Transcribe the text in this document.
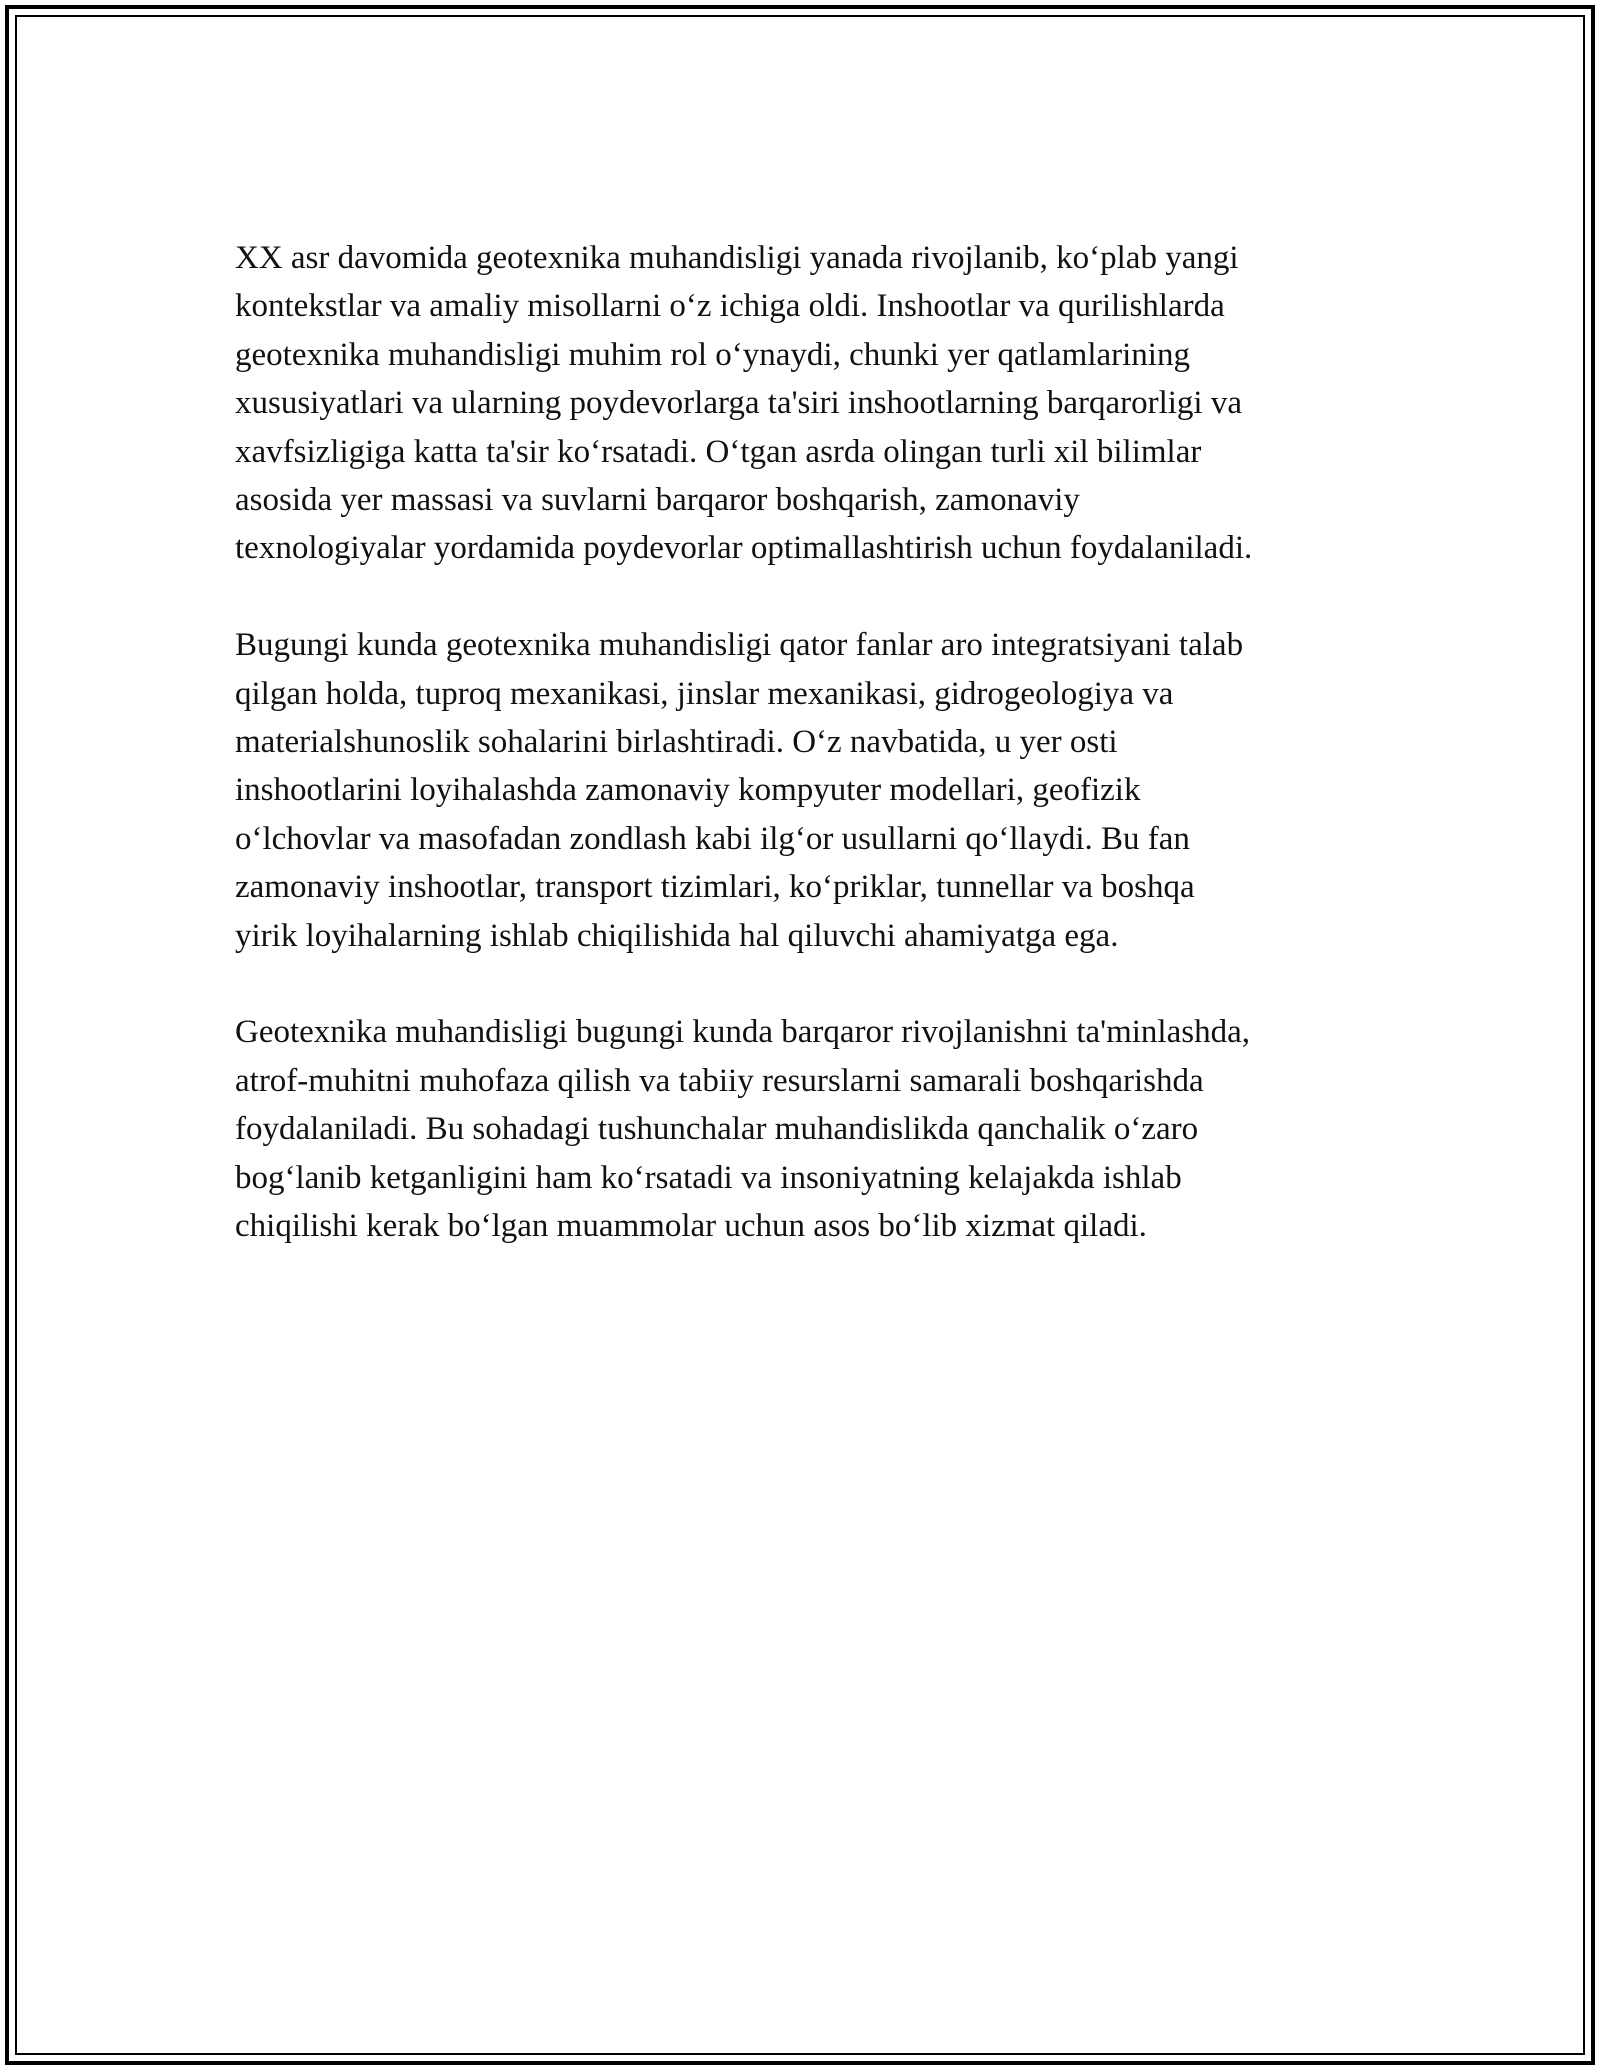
XX asr davomida geotexnika muhandisligi yanada rivojlanib, koʻplab yangi
kontekstlar va amaliy misollarni oʻz ichiga oldi. Inshootlar va qurilishlarda
geotexnika muhandisligi muhim rol oʻynaydi, chunki yer qatlamlarining
xususiyatlari va ularning poydevorlarga ta'siri inshootlarning barqarorligi va
xavfsizligiga katta ta'sir koʻrsatadi. Oʻtgan asrda olingan turli xil bilimlar
asosida yer massasi va suvlarni barqaror boshqarish, zamonaviy
texnologiyalar yordamida poydevorlar optimallashtirish uchun foydalaniladi.

Bugungi kunda geotexnika muhandisligi qator fanlar aro integratsiyani talab
qilgan holda, tuproq mexanikasi, jinslar mexanikasi, gidrogeologiya va
materialshunoslik sohalarini birlashtiradi. Oʻz navbatida, u yer osti
inshootlarini loyihalashda zamonaviy kompyuter modellari, geofizik
oʻlchovlar va masofadan zondlash kabi ilgʻor usullarni qoʻllaydi. Bu fan
zamonaviy inshootlar, transport tizimlari, koʻpriklar, tunnellar va boshqa
yirik loyihalarning ishlab chiqilishida hal qiluvchi ahamiyatga ega.

Geotexnika muhandisligi bugungi kunda barqaror rivojlanishni ta'minlashda,
atrof-muhitni muhofaza qilish va tabiiy resurslarni samarali boshqarishda
foydalaniladi. Bu sohadagi tushunchalar muhandislikda qanchalik oʻzaro
bogʻlanib ketganligini ham koʻrsatadi va insoniyatning kelajakda ishlab
chiqilishi kerak boʻlgan muammolar uchun asos boʻlib xizmat qiladi.
